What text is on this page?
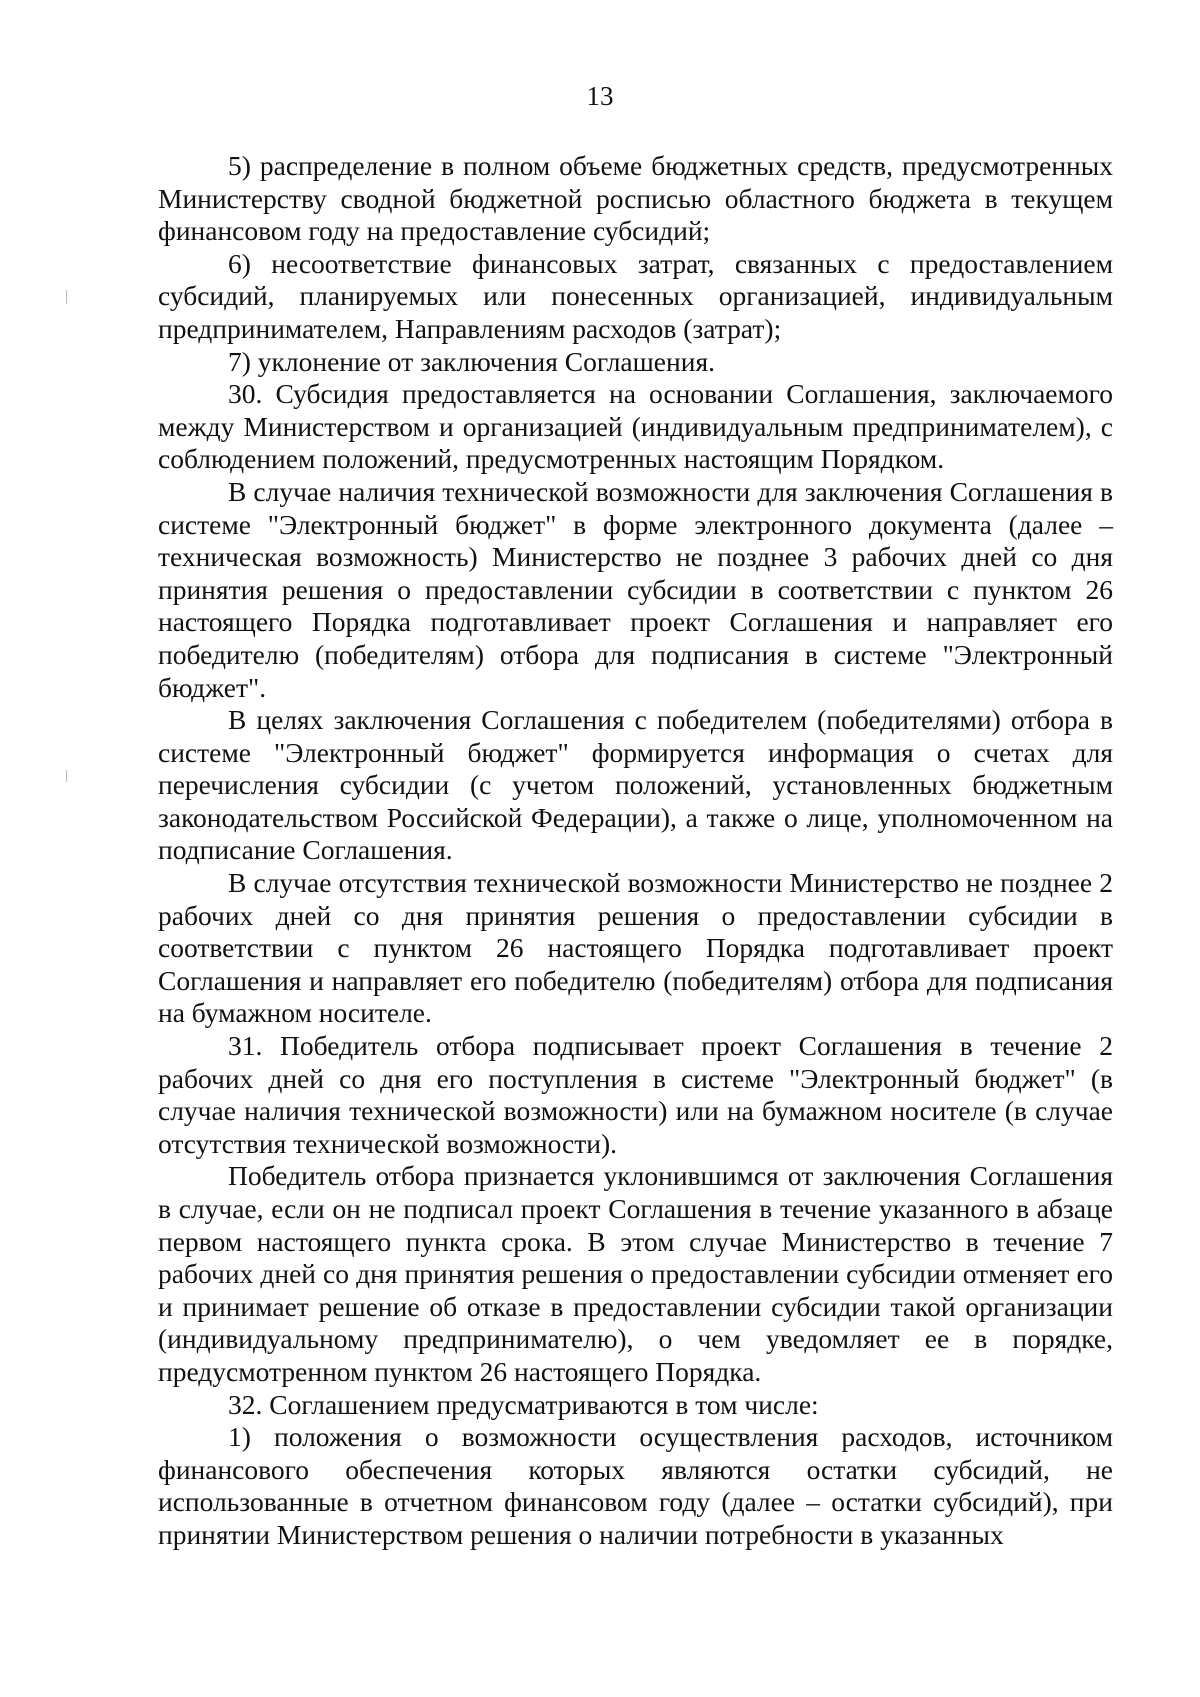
13

5) распределение в полном объеме бюджетных средств, предусмотренных Министерству сводной бюджетной росписью областного бюджета в текущем финансовом году на предоставление субсидий;

6) несоответствие финансовых затрат, связанных с предоставлением субсидий, планируемых или понесенных организацией, индивидуальным предпринимателем, Направлениям расходов (затрат);

7) уклонение от заключения Соглашения.

30. Субсидия предоставляется на основании Соглашения, заключаемого между Министерством и организацией (индивидуальным предпринимателем), с соблюдением положений, предусмотренных настоящим Порядком.

В случае наличия технической возможности для заключения Соглашения в системе "Электронный бюджет" в форме электронного документа (далее – техническая возможность) Министерство не позднее 3 рабочих дней со дня принятия решения о предоставлении субсидии в соответствии с пунктом 26 настоящего Порядка подготавливает проект Соглашения и направляет его победителю (победителям) отбора для подписания в системе "Электронный бюджет".

В целях заключения Соглашения с победителем (победителями) отбора в системе "Электронный бюджет" формируется информация о счетах для перечисления субсидии (с учетом положений, установленных бюджетным законодательством Российской Федерации), а также о лице, уполномоченном на подписание Соглашения.

В случае отсутствия технической возможности Министерство не позднее 2 рабочих дней со дня принятия решения о предоставлении субсидии в соответствии с пунктом 26 настоящего Порядка подготавливает проект Соглашения и направляет его победителю (победителям) отбора для подписания на бумажном носителе.

31. Победитель отбора подписывает проект Соглашения в течение 2 рабочих дней со дня его поступления в системе "Электронный бюджет" (в случае наличия технической возможности) или на бумажном носителе (в случае отсутствия технической возможности).

Победитель отбора признается уклонившимся от заключения Соглашения в случае, если он не подписал проект Соглашения в течение указанного в абзаце первом настоящего пункта срока. В этом случае Министерство в течение 7 рабочих дней со дня принятия решения о предоставлении субсидии отменяет его и принимает решение об отказе в предоставлении субсидии такой организации (индивидуальному предпринимателю), о чем уведомляет ее в порядке, предусмотренном пунктом 26 настоящего Порядка.

32. Соглашением предусматриваются в том числе:

1) положения о возможности осуществления расходов, источником финансового обеспечения которых являются остатки субсидий, не использованные в отчетном финансовом году (далее – остатки субсидий), при принятии Министерством решения о наличии потребности в указанных
